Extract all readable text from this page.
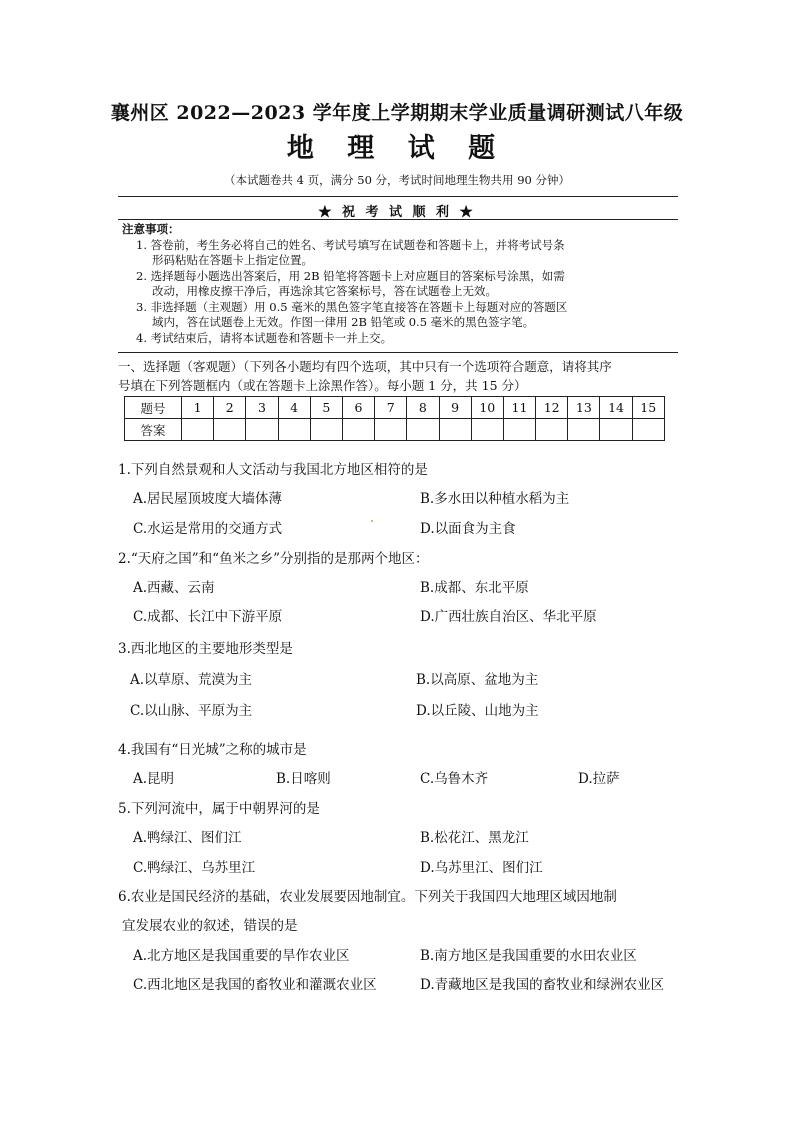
襄州区 2022—2023 学年度上学期期末学业质量调研测试八年级
地 理 试 题
（本试题卷共 4 页，满分 50 分，考试时间地理生物共用 90 分钟）
★ 祝 考 试 顺 利 ★
注意事项：
1. 答卷前，考生务必将自己的姓名、考试号填写在试题卷和答题卡上，并将考试号条
形码粘贴在答题卡上指定位置。
2. 选择题每小题选出答案后，用 2B 铅笔将答题卡上对应题目的答案标号涂黑，如需
改动，用橡皮擦干净后，再选涂其它答案标号，答在试题卷上无效。
3. 非选择题（主观题）用 0.5 毫米的黑色签字笔直接答在答题卡上每题对应的答题区
域内，答在试题卷上无效。作图一律用 2B 铅笔或 0.5 毫米的黑色签字笔。
4. 考试结束后，请将本试题卷和答题卡一并上交。
一、选择题（客观题）（下列各小题均有四个选项，其中只有一个选项符合题意，请将其序
号填在下列答题框内（或在答题卡上涂黑作答）。每小题 1 分，共 15 分）
题号	1	2	3	4	5	6	7	8	9	10	11	12	13	14	15
答案															
1.下列自然景观和人文活动与我国北方地区相符的是
A.居民屋顶坡度大墙体薄	B.多水田以种植水稻为主
C.水运是常用的交通方式	D.以面食为主食
2.“天府之国”和“鱼米之乡”分别指的是那两个地区：
A.西藏、云南	B.成都、东北平原
C.成都、长江中下游平原	D.广西壮族自治区、华北平原
3.西北地区的主要地形类型是
A.以草原、荒漠为主	B.以高原、盆地为主
C.以山脉、平原为主	D.以丘陵、山地为主
4.我国有“日光城”之称的城市是
A.昆明	B.日喀则	C.乌鲁木齐	D.拉萨
5.下列河流中，属于中朝界河的是
A.鸭绿江、图们江	B.松花江、黑龙江
C.鸭绿江、乌苏里江	D.乌苏里江、图们江
6.农业是国民经济的基础，农业发展要因地制宜。下列关于我国四大地理区域因地制
宜发展农业的叙述，错误的是
A.北方地区是我国重要的旱作农业区	B.南方地区是我国重要的水田农业区
C.西北地区是我国的畜牧业和灌溉农业区	D.青藏地区是我国的畜牧业和绿洲农业区
